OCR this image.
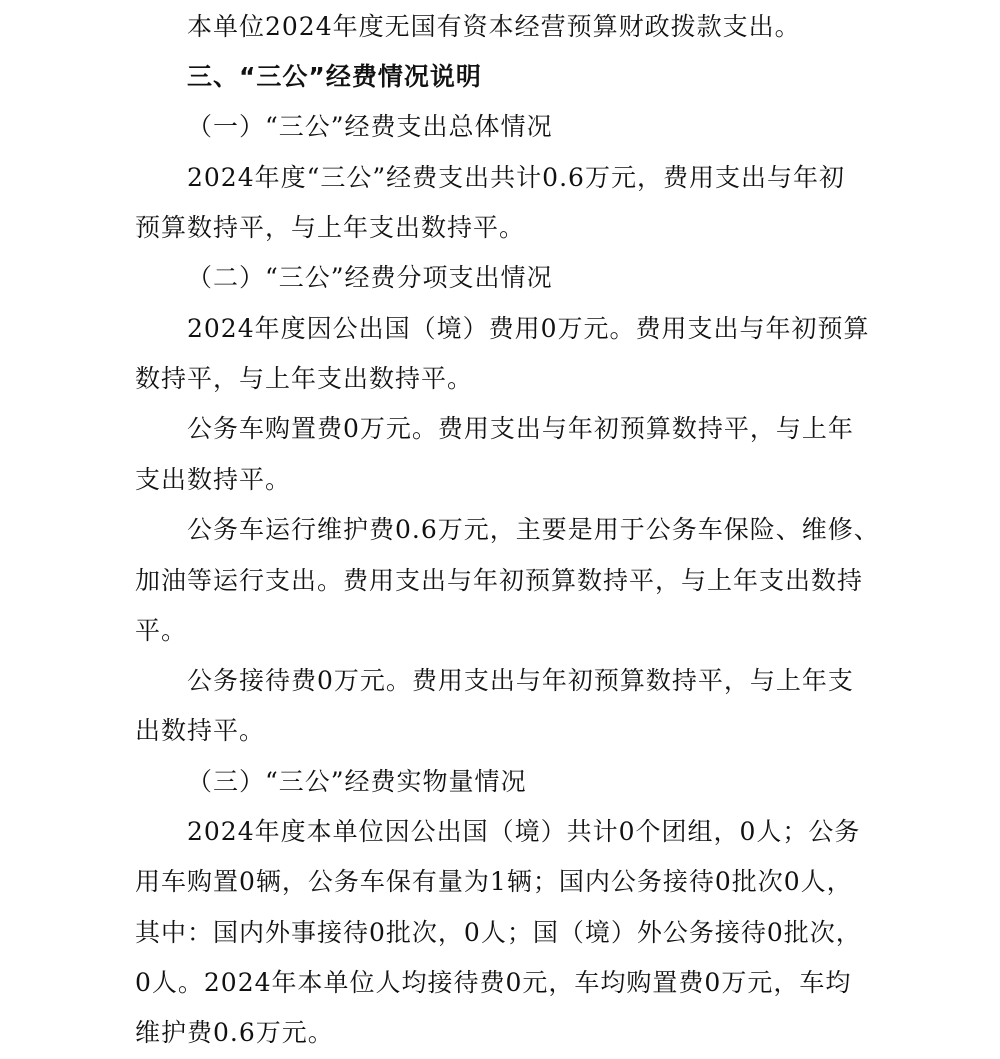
本单位2024年度无国有资本经营预算财政拨款支出。
三、“三公”经费情况说明
（一）“三公”经费支出总体情况
2024年度“三公”经费支出共计0.6万元，费用支出与年初
预算数持平，与上年支出数持平。
（二）“三公”经费分项支出情况
2024年度因公出国（境）费用0万元。费用支出与年初预算
数持平，与上年支出数持平。
公务车购置费0万元。费用支出与年初预算数持平，与上年
支出数持平。
公务车运行维护费0.6万元，主要是用于公务车保险、维修、
加油等运行支出。费用支出与年初预算数持平，与上年支出数持
平。
公务接待费0万元。费用支出与年初预算数持平，与上年支
出数持平。
（三）“三公”经费实物量情况
2024年度本单位因公出国（境）共计0个团组，0人；公务
用车购置0辆，公务车保有量为1辆；国内公务接待0批次0人，
其中：国内外事接待0批次，0人；国（境）外公务接待0批次，
0人。2024年本单位人均接待费0元，车均购置费0万元，车均
维护费0.6万元。
